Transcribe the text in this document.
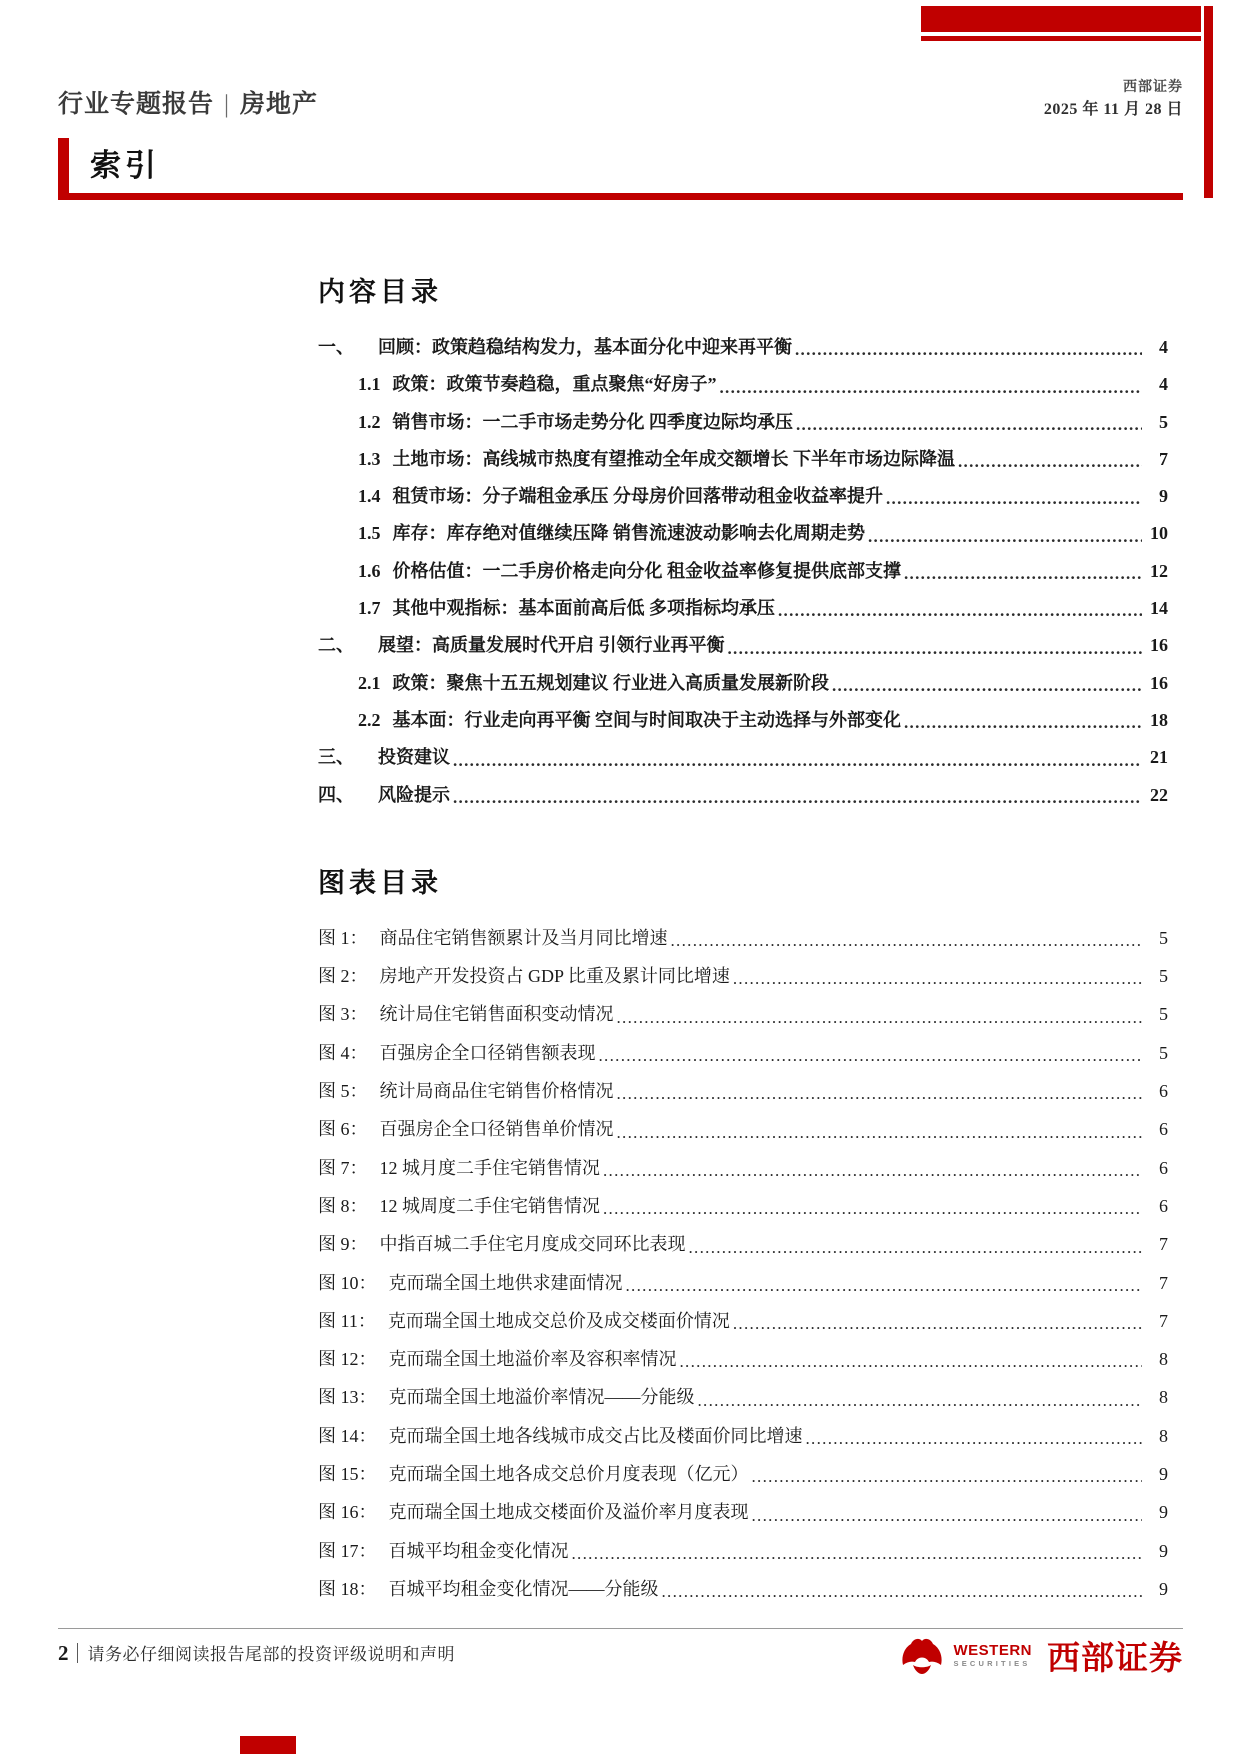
行业专题报告 | 房地产
西部证券
2025 年 11 月 28 日
索引
内容目录
一、	回顾：政策趋稳结构发力，基本面分化中迎来再平衡 .....	4
1.1 政策：政策节奏趋稳，重点聚焦“好房子” .....	4
1.2 销售市场：一二手市场走势分化 四季度边际均承压 .....	5
1.3 土地市场：高线城市热度有望推动全年成交额增长 下半年市场边际降温 .....	7
1.4 租赁市场：分子端租金承压 分母房价回落带动租金收益率提升 .....	9
1.5 库存：库存绝对值继续压降 销售流速波动影响去化周期走势 .....	10
1.6 价格估值：一二手房价格走向分化 租金收益率修复提供底部支撑 .....	12
1.7 其他中观指标：基本面前高后低 多项指标均承压 .....	14
二、	展望：高质量发展时代开启 引领行业再平衡 .....	16
2.1 政策：聚焦十五五规划建议 行业进入高质量发展新阶段 .....	16
2.2 基本面：行业走向再平衡 空间与时间取决于主动选择与外部变化 .....	18
三、	投资建议 .....	21
四、	风险提示 .....	22
图表目录
图 1： 商品住宅销售额累计及当月同比增速 .....	5
图 2： 房地产开发投资占 GDP 比重及累计同比增速 .....	5
图 3： 统计局住宅销售面积变动情况 .....	5
图 4： 百强房企全口径销售额表现 .....	5
图 5： 统计局商品住宅销售价格情况 .....	6
图 6： 百强房企全口径销售单价情况 .....	6
图 7： 12 城月度二手住宅销售情况 .....	6
图 8： 12 城周度二手住宅销售情况 .....	6
图 9： 中指百城二手住宅月度成交同环比表现 .....	7
图 10： 克而瑞全国土地供求建面情况 .....	7
图 11： 克而瑞全国土地成交总价及成交楼面价情况 .....	7
图 12： 克而瑞全国土地溢价率及容积率情况 .....	8
图 13： 克而瑞全国土地溢价率情况——分能级 .....	8
图 14： 克而瑞全国土地各线城市成交占比及楼面价同比增速 .....	8
图 15： 克而瑞全国土地各成交总价月度表现（亿元） .....	9
图 16： 克而瑞全国土地成交楼面价及溢价率月度表现 .....	9
图 17： 百城平均租金变化情况 .....	9
图 18： 百城平均租金变化情况——分能级 .....	9
2	请务必仔细阅读报告尾部的投资评级说明和声明	WESTERN
SECURITIES 西部证券
